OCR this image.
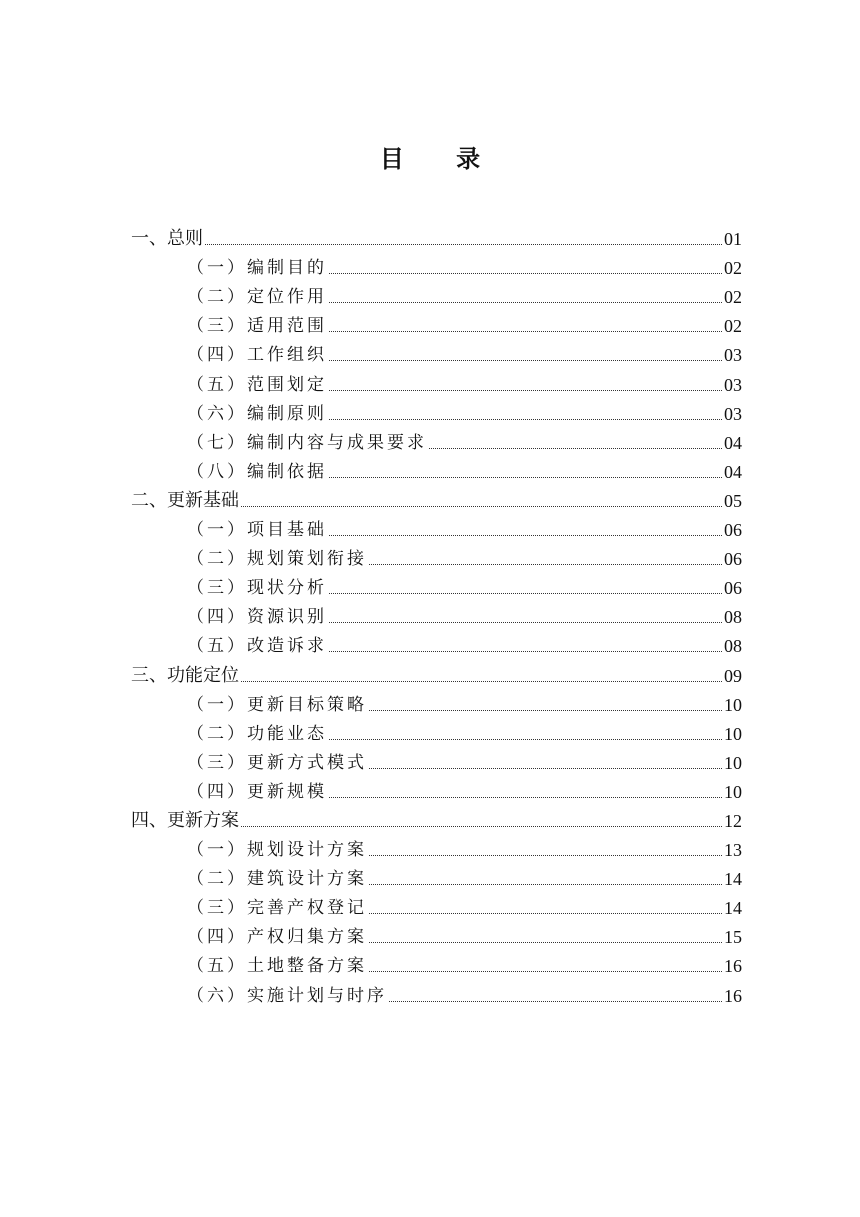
目 录
一、总则	01
（一）编制目的	02
（二）定位作用	02
（三）适用范围	02
（四）工作组织	03
（五）范围划定	03
（六）编制原则	03
（七）编制内容与成果要求	04
（八）编制依据	04
二、更新基础	05
（一）项目基础	06
（二）规划策划衔接	06
（三）现状分析	06
（四）资源识别	08
（五）改造诉求	08
三、功能定位	09
（一）更新目标策略	10
（二）功能业态	10
（三）更新方式模式	10
（四）更新规模	10
四、更新方案	12
（一）规划设计方案	13
（二）建筑设计方案	14
（三）完善产权登记	14
（四）产权归集方案	15
（五）土地整备方案	16
（六）实施计划与时序	16
